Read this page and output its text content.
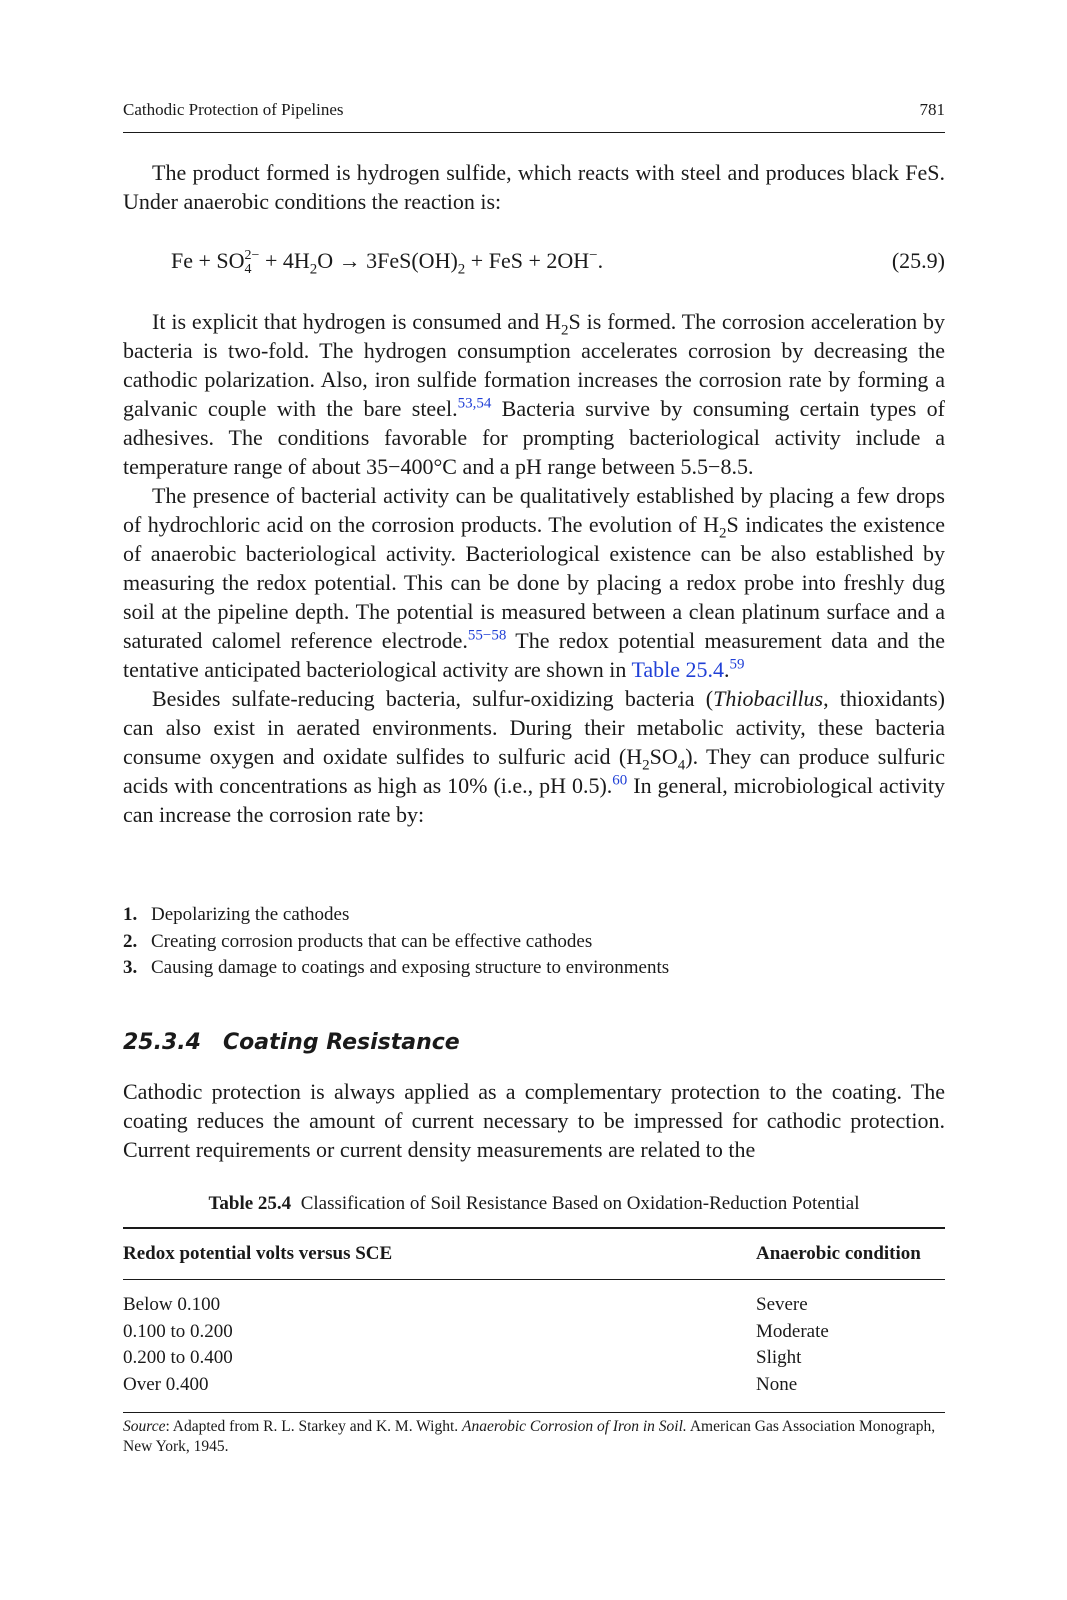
Cathodic Protection of Pipelines	781
The product formed is hydrogen sulfide, which reacts with steel and produces black FeS. Under anaerobic conditions the reaction is:
Fe + SO2−
$4 + 4H_2O \to 3FeS(OH)_2$ + FeS + 2OH−.	(25.9)
It is explicit that hydrogen is consumed and $H_2S$ is formed. The corrosion acceleration by bacteria is two-fold. The hydrogen consumption accelerates corrosion by decreasing the cathodic polarization. Also, iron sulfide formation increases the corrosion rate by forming a galvanic couple with the bare steel.$^{53,54}$ Bacteria survive by consuming certain types of adhesives. The conditions favorable for prompting bacteriological activity include a temperature range of about 35−400°C and a pH range between 5.5−8.5.
The presence of bacterial activity can be qualitatively established by placing a few drops of hydrochloric acid on the corrosion products. The evolution of $H_2S$ indicates the existence of anaerobic bacteriological activity. Bacteriological existence can be also established by measuring the redox potential. This can be done by placing a redox probe into freshly dug soil at the pipeline depth. The potential is measured between a clean platinum surface and a saturated calomel reference electrode.$^{55-58}$ The redox potential measurement data and the tentative anticipated bacteriological activity are shown in Table 25.4.59
Besides sulfate-reducing bacteria, sulfur-oxidizing bacteria (Thiobacillus, thioxidants) can also exist in aerated environments. During their metabolic activity, these bacteria consume oxygen and oxidate sulfides to sulfuric acid $(H_2SO_4)$. They can produce sulfuric acids with concentrations as high as 10% (i.e., pH 0.5).$^{60}$ In general, microbiological activity can increase the corrosion rate by:
1. Depolarizing the cathodes
2. Creating corrosion products that can be effective cathodes
3. Causing damage to coatings and exposing structure to environments
25.3.4 Coating Resistance
Cathodic protection is always applied as a complementary protection to the coating. The coating reduces the amount of current necessary to be impressed for cathodic protection. Current requirements or current density measurements are related to the
Table 25.4 Classification of Soil Resistance Based on Oxidation-Reduction Potential
Redox potential volts versus SCE	Anaerobic condition
Below 0.100	Severe
0.100 to 0.200	Moderate
0.200 to 0.400	Slight
Over 0.400	None
Source: Adapted from R. L. Starkey and K. M. Wight. Anaerobic Corrosion of Iron in Soil. American Gas Association Monograph, New York, 1945.
